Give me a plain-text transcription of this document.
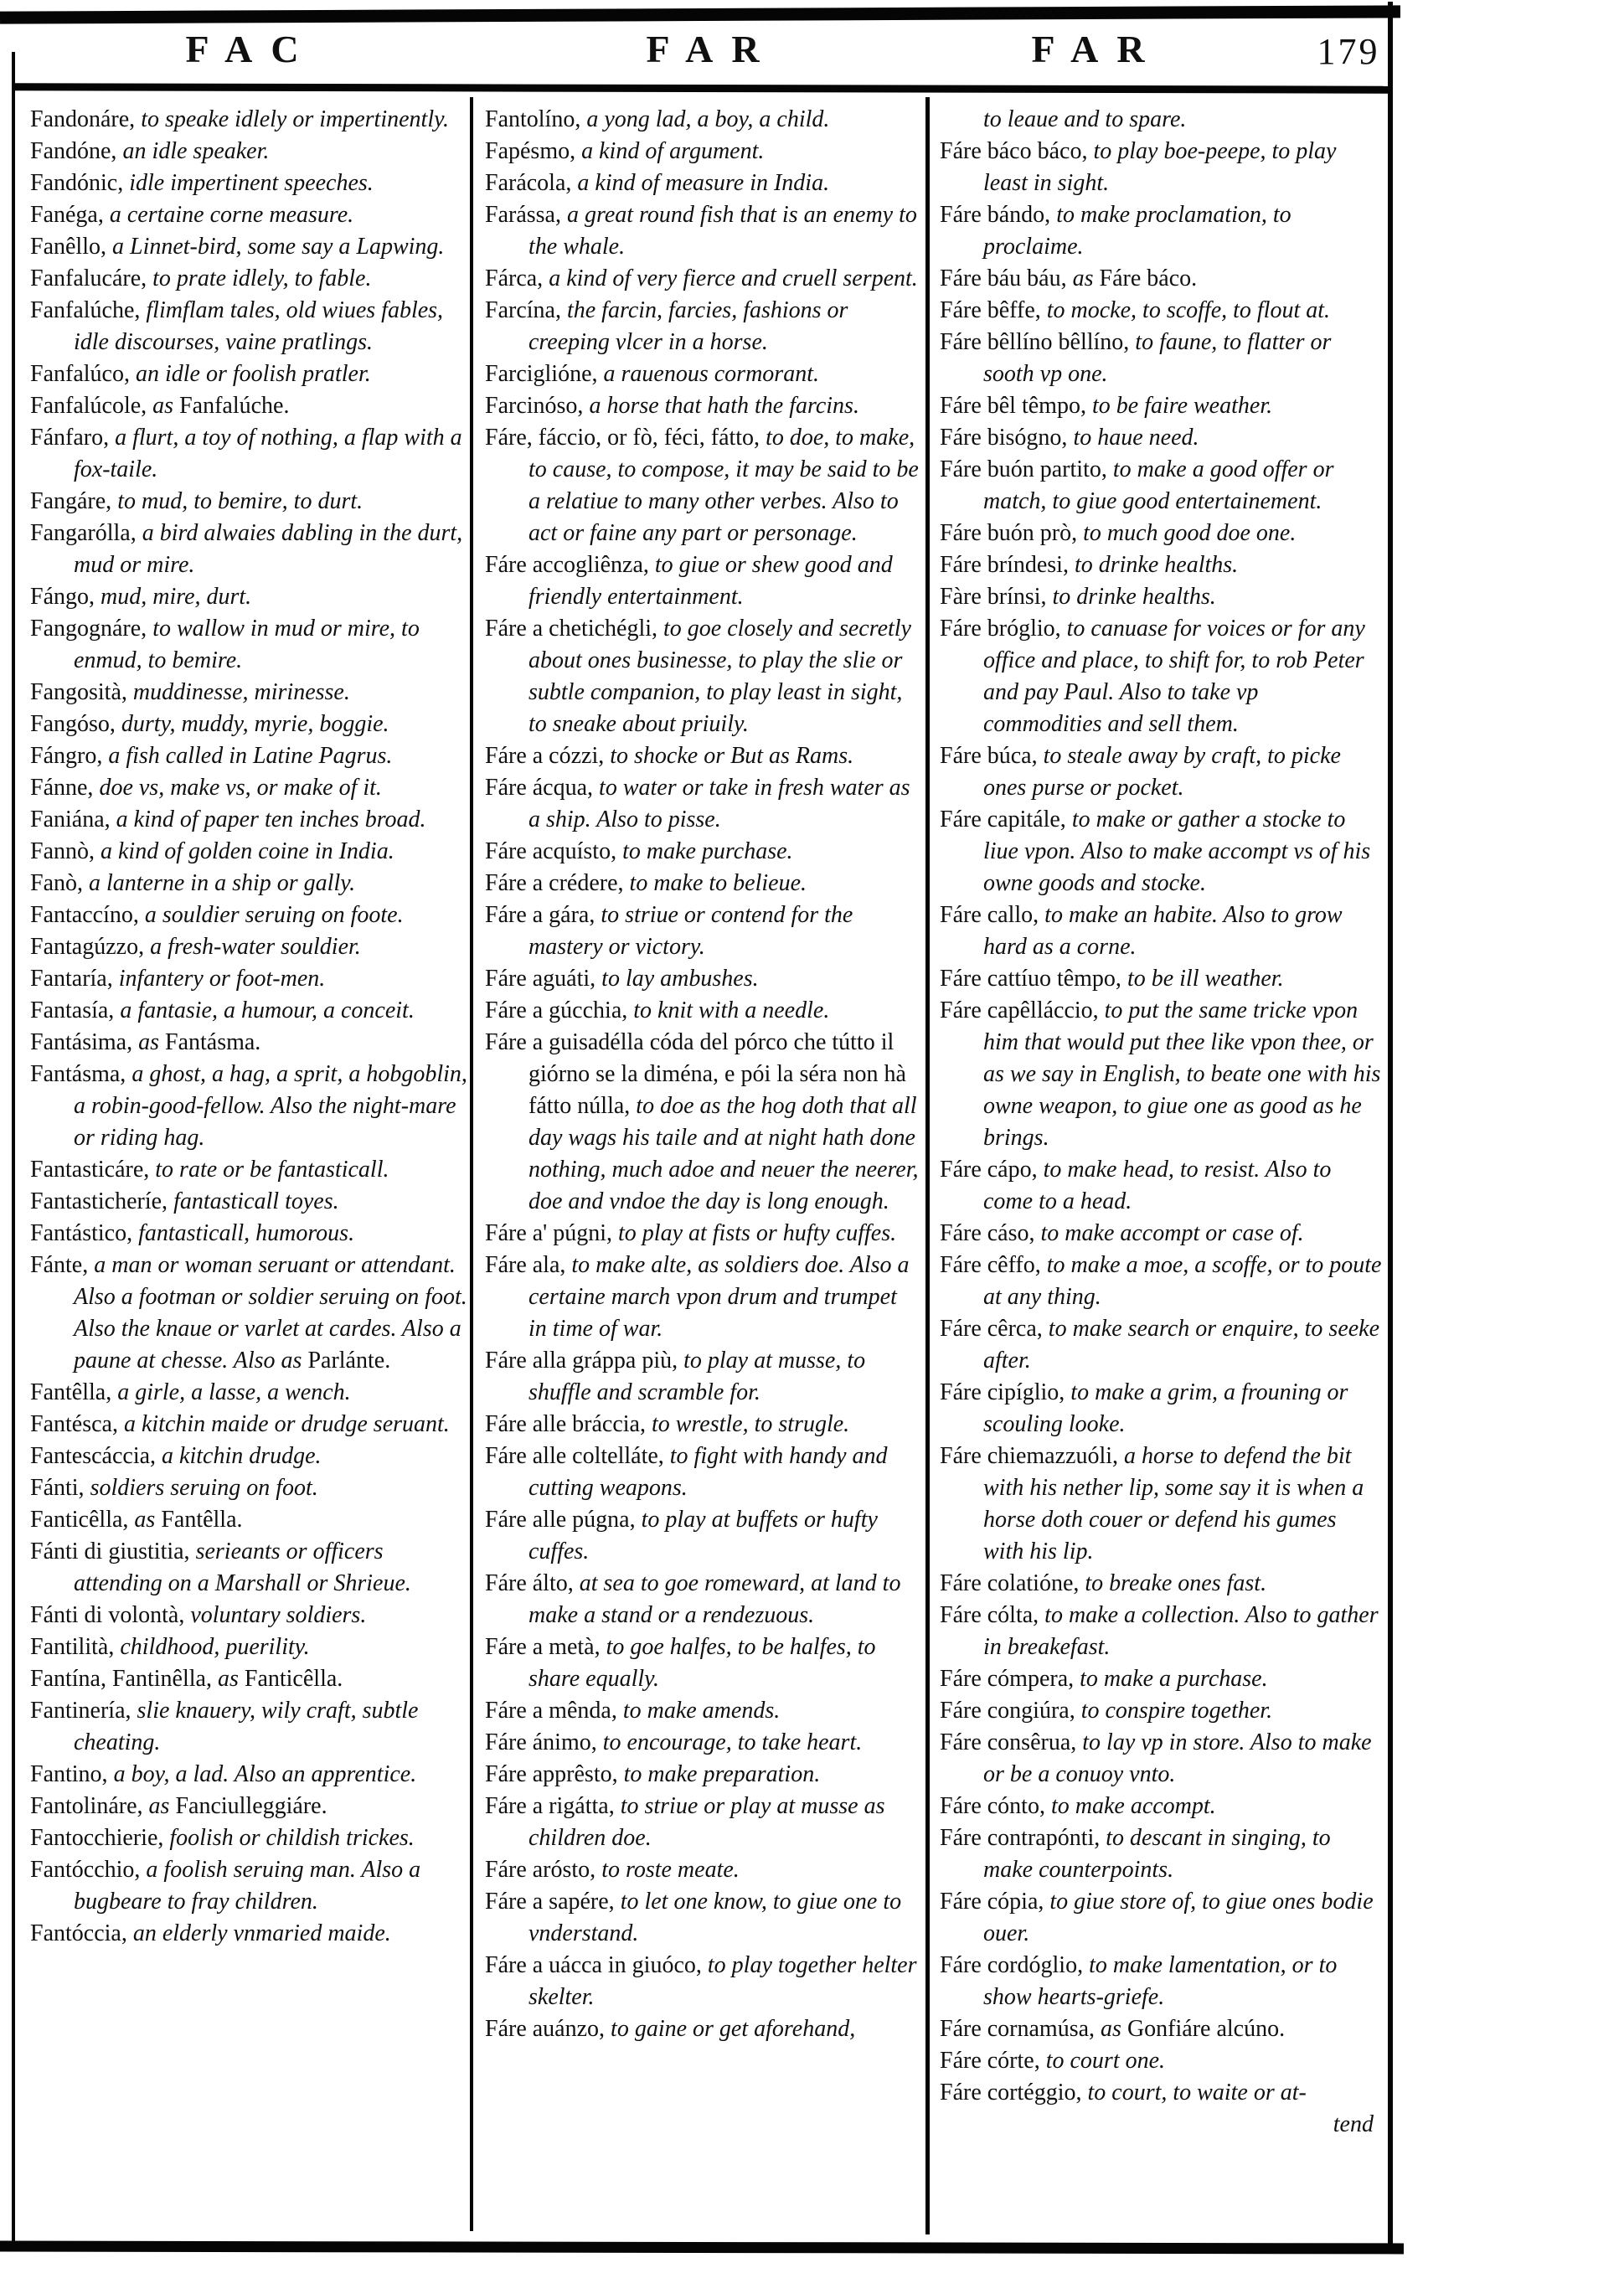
FAC	FAR	FAR	179
Fandonáre, to speake idlely or impertinently.
Fandóne, an idle speaker.
Fandónic, idle impertinent speeches.
Fanéga, a certaine corne measure.
Fanêllo, a Linnet-bird, some say a Lapwing.
Fanfalucáre, to prate idlely, to fable.
Fanfalúche, flimflam tales, old wiues fables, idle discourses, vaine pratlings.
Fanfalúco, an idle or foolish pratler.
Fanfalúcole, as Fanfalúche.
Fánfaro, a flurt, a toy of nothing, a flap with a fox-taile.
Fangáre, to mud, to bemire, to durt.
Fangarólla, a bird alwaies dabling in the durt, mud or mire.
Fángo, mud, mire, durt.
Fangognáre, to wallow in mud or mire, to enmud, to bemire.
Fangosità, muddinesse, mirinesse.
Fangóso, durty, muddy, myrie, boggie.
Fángro, a fish called in Latine Pagrus.
Fánne, doe vs, make vs, or make of it.
Faniána, a kind of paper ten inches broad.
Fannò, a kind of golden coine in India.
Fanò, a lanterne in a ship or gally.
Fantaccíno, a souldier seruing on foote.
Fantagúzzo, a fresh-water souldier.
Fantaría, infantery or foot-men.
Fantasía, a fantasie, a humour, a conceit.
Fantásima, as Fantásma.
Fantásma, a ghost, a hag, a sprit, a hobgoblin, a robin-good-fellow. Also the night-mare or riding hag.
Fantasticáre, to rate or be fantasticall.
Fantasticheríe, fantasticall toyes.
Fantástico, fantasticall, humorous.
Fánte, a man or woman seruant or attendant. Also a footman or soldier seruing on foot. Also the knaue or varlet at cardes. Also a paune at chesse. Also as Parlánte.
Fantêlla, a girle, a lasse, a wench.
Fantésca, a kitchin maide or drudge seruant.
Fantescáccia, a kitchin drudge.
Fánti, soldiers seruing on foot.
Fanticêlla, as Fantêlla.
Fánti di giustitia, serieants or officers attending on a Marshall or Shrieue.
Fánti di volontà, voluntary soldiers.
Fantilità, childhood, puerility.
Fantína, Fantinêlla, as Fanticêlla.
Fantinería, slie knauery, wily craft, subtle cheating.
Fantino, a boy, a lad. Also an apprentice.
Fantolináre, as Fanciulleggiáre.
Fantocchierie, foolish or childish trickes.
Fantócchio, a foolish seruing man. Also a bugbeare to fray children.
Fantóccia, an elderly vnmaried maide.
Fantolíno, a yong lad, a boy, a child.
Fapésmo, a kind of argument.
Farácola, a kind of measure in India.
Farássa, a great round fish that is an enemy to the whale.
Fárca, a kind of very fierce and cruell serpent.
Farcína, the farcin, farcies, fashions or creeping vlcer in a horse.
Farciglióne, a rauenous cormorant.
Farcinóso, a horse that hath the farcins.
Fáre, fáccio, or fò, féci, fátto, to doe, to make, to cause, to compose, it may be said to be a relatiue to many other verbes. Also to act or faine any part or personage.
Fáre accogliênza, to giue or shew good and friendly entertainment.
Fáre a chetichégli, to goe closely and secretly about ones businesse, to play the slie or subtle companion, to play least in sight, to sneake about priuily.
Fáre a cózzi, to shocke or But as Rams.
Fáre ácqua, to water or take in fresh water as a ship. Also to pisse.
Fáre acquísto, to make purchase.
Fáre a crédere, to make to belieue.
Fáre a gára, to striue or contend for the mastery or victory.
Fáre aguáti, to lay ambushes.
Fáre a gúcchia, to knit with a needle.
Fáre a guisadélla códa del pórco che tútto il giórno se la diména, e pói la séra non hà fátto núlla, to doe as the hog doth that all day wags his taile and at night hath done nothing, much adoe and neuer the neerer, doe and vndoe the day is long enough.
Fáre a' púgni, to play at fists or hufty cuffes.
Fáre ala, to make alte, as soldiers doe. Also a certaine march vpon drum and trumpet in time of war.
Fáre alla gráppa più, to play at musse, to shuffle and scramble for.
Fáre alle bráccia, to wrestle, to strugle.
Fáre alle coltelláte, to fight with handy and cutting weapons.
Fáre alle púgna, to play at buffets or hufty cuffes.
Fáre álto, at sea to goe romeward, at land to make a stand or a rendezuous.
Fáre a metà, to goe halfes, to be halfes, to share equally.
Fáre a mênda, to make amends.
Fáre ánimo, to encourage, to take heart.
Fáre apprêsto, to make preparation.
Fáre a rigátta, to striue or play at musse as children doe.
Fáre arósto, to roste meate.
Fáre a sapére, to let one know, to giue one to vnderstand.
Fáre a uácca in giuóco, to play together helter skelter.
Fáre auánzo, to gaine or get aforehand,
to leaue and to spare.
Fáre báco báco, to play boe-peepe, to play least in sight.
Fáre bándo, to make proclamation, to proclaime.
Fáre báu báu, as Fáre báco.
Fáre bêffe, to mocke, to scoffe, to flout at.
Fáre bêllíno bêllíno, to faune, to flatter or sooth vp one.
Fáre bêl têmpo, to be faire weather.
Fáre bisógno, to haue need.
Fáre buón partito, to make a good offer or match, to giue good entertainement.
Fáre buón prò, to much good doe one.
Fáre bríndesi, to drinke healths.
Fàre brínsi, to drinke healths.
Fáre bróglio, to canuase for voices or for any office and place, to shift for, to rob Peter and pay Paul. Also to take vp commodities and sell them.
Fáre búca, to steale away by craft, to picke ones purse or pocket.
Fáre capitále, to make or gather a stocke to liue vpon. Also to make accompt vs of his owne goods and stocke.
Fáre callo, to make an habite. Also to grow hard as a corne.
Fáre cattíuo têmpo, to be ill weather.
Fáre capêlláccio, to put the same tricke vpon him that would put thee like vpon thee, or as we say in English, to beate one with his owne weapon, to giue one as good as he brings.
Fáre cápo, to make head, to resist. Also to come to a head.
Fáre cáso, to make accompt or case of.
Fáre cêffo, to make a moe, a scoffe, or to poute at any thing.
Fáre cêrca, to make search or enquire, to seeke after.
Fáre cipíglio, to make a grim, a frouning or scouling looke.
Fáre chiemazzuóli, a horse to defend the bit with his nether lip, some say it is when a horse doth couer or defend his gumes with his lip.
Fáre colatióne, to breake ones fast.
Fáre cólta, to make a collection. Also to gather in breakefast.
Fáre cómpera, to make a purchase.
Fáre congiúra, to conspire together.
Fáre consêrua, to lay vp in store. Also to make or be a conuoy vnto.
Fáre cónto, to make accompt.
Fáre contrapónti, to descant in singing, to make counterpoints.
Fáre cópia, to giue store of, to giue ones bodie ouer.
Fáre cordóglio, to make lamentation, or to show hearts-griefe.
Fáre cornamúsa, as Gonfiáre alcúno.
Fáre córte, to court one.
Fáre cortéggio, to court, to waite or at-
tend
